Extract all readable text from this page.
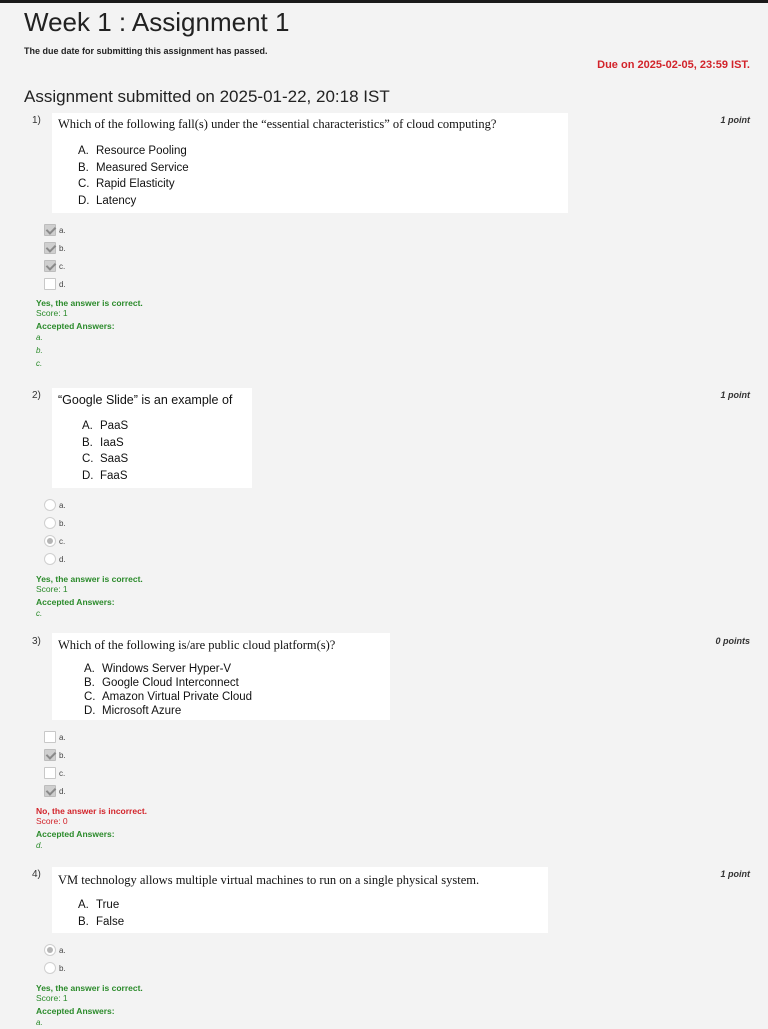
Week 1 : Assignment 1
The due date for submitting this assignment has passed.
Due on 2025-02-05, 23:59 IST.
Assignment submitted on 2025-01-22, 20:18 IST
1)	1 point
Which of the following fall(s) under the “essential characteristics” of cloud computing?
A. Resource Pooling
B. Measured Service
C. Rapid Elasticity
D. Latency
a.
b.
c.
d.
Yes, the answer is correct.
Score: 1
Accepted Answers:
a.
b.
c.
2)	1 point
“Google Slide” is an example of
A. PaaS
B. IaaS
C. SaaS
D. FaaS
a.
b.
c.
d.
Yes, the answer is correct.
Score: 1
Accepted Answers:
c.
3)	0 points
Which of the following is/are public cloud platform(s)?
A. Windows Server Hyper-V
B. Google Cloud Interconnect
C. Amazon Virtual Private Cloud
D. Microsoft Azure
a.
b.
c.
d.
No, the answer is incorrect.
Score: 0
Accepted Answers:
d.
4)	1 point
VM technology allows multiple virtual machines to run on a single physical system.
A. True
B. False
a.
b.
Yes, the answer is correct.
Score: 1
Accepted Answers:
a.
